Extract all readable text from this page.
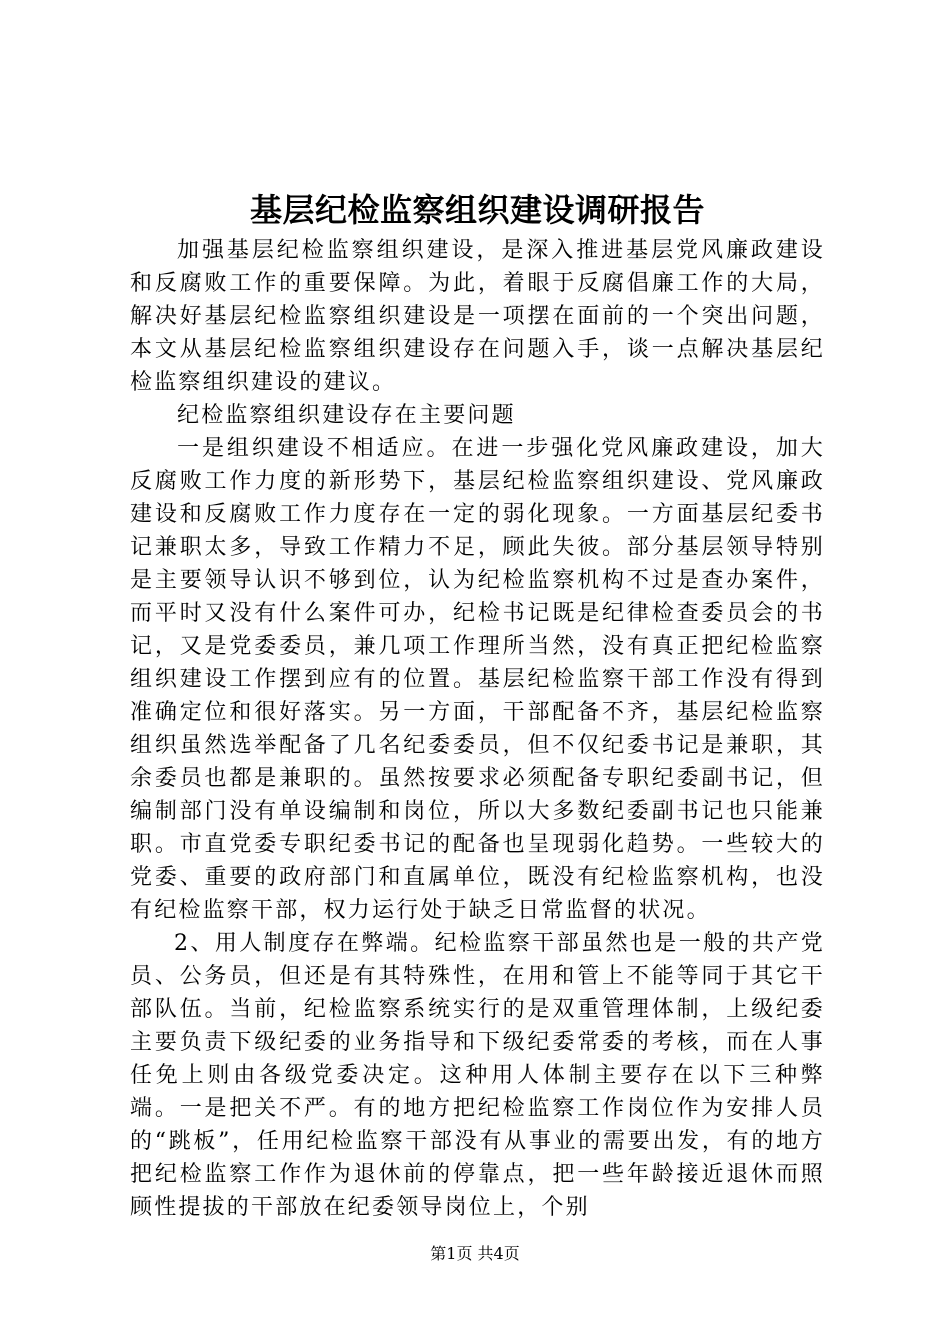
基层纪检监察组织建设调研报告

加强基层纪检监察组织建设，是深入推进基层党风廉政建设和反腐败工作的重要保障。为此，着眼于反腐倡廉工作的大局，解决好基层纪检监察组织建设是一项摆在面前的一个突出问题，本文从基层纪检监察组织建设存在问题入手，谈一点解决基层纪检监察组织建设的建议。

纪检监察组织建设存在主要问题

一是组织建设不相适应。在进一步强化党风廉政建设，加大反腐败工作力度的新形势下，基层纪检监察组织建设、党风廉政建设和反腐败工作力度存在一定的弱化现象。一方面基层纪委书记兼职太多，导致工作精力不足，顾此失彼。部分基层领导特别是主要领导认识不够到位，认为纪检监察机构不过是查办案件，而平时又没有什么案件可办，纪检书记既是纪律检查委员会的书记，又是党委委员，兼几项工作理所当然，没有真正把纪检监察组织建设工作摆到应有的位置。基层纪检监察干部工作没有得到准确定位和很好落实。另一方面，干部配备不齐，基层纪检监察组织虽然选举配备了几名纪委委员，但不仅纪委书记是兼职，其余委员也都是兼职的。虽然按要求必须配备专职纪委副书记，但编制部门没有单设编制和岗位，所以大多数纪委副书记也只能兼职。市直党委专职纪委书记的配备也呈现弱化趋势。一些较大的党委、重要的政府部门和直属单位，既没有纪检监察机构，也没有纪检监察干部，权力运行处于缺乏日常监督的状况。

2、用人制度存在弊端。纪检监察干部虽然也是一般的共产党员、公务员，但还是有其特殊性，在用和管上不能等同于其它干部队伍。当前，纪检监察系统实行的是双重管理体制，上级纪委主要负责下级纪委的业务指导和下级纪委常委的考核，而在人事任免上则由各级党委决定。这种用人体制主要存在以下三种弊端。一是把关不严。有的地方把纪检监察工作岗位作为安排人员的“跳板”，任用纪检监察干部没有从事业的需要出发，有的地方把纪检监察工作作为退休前的停靠点，把一些年龄接近退休而照顾性提拔的干部放在纪委领导岗位上，个别

第1页 共4页
